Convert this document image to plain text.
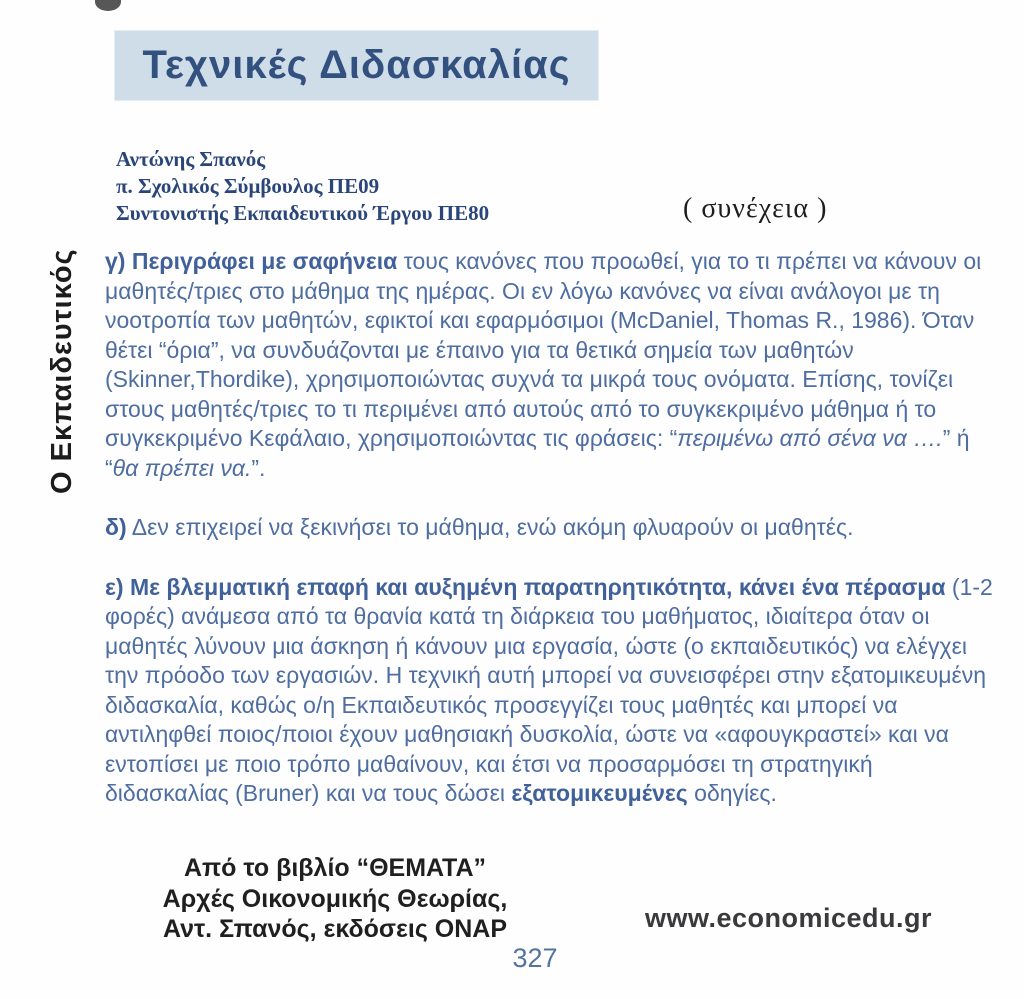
Τεχνικές Διδασκαλίας
Αντώνης Σπανός
π. Σχολικός Σύμβουλος ΠΕ09
Συντονιστής Εκπαιδευτικού Έργου ΠΕ80	( συνέχεια )
Ο Εκπαιδευτικός	γ) Περιγράφει με σαφήνεια τους κανόνες που προωθεί, για το τι πρέπει να κάνουν οι μαθητές/τριες στο μάθημα της ημέρας. Οι εν λόγω κανόνες να είναι ανάλογοι με τη νοοτροπία των μαθητών, εφικτοί και εφαρμόσιμοι (McDaniel, Thomas R., 1986). Όταν θέτει “όρια”, να συνδυάζονται με έπαινο για τα θετικά σημεία των μαθητών (Skinner,Thordike), χρησιμοποιώντας συχνά τα μικρά τους ονόματα. Επίσης, τονίζει στους μαθητές/τριες το τι περιμένει από αυτούς από το συγκεκριμένο μάθημα ή το συγκεκριμένο Κεφάλαιο, χρησιμοποιώντας τις φράσεις: “περιμένω από σένα να ….” ή “θα πρέπει να.”.

δ) Δεν επιχειρεί να ξεκινήσει το μάθημα, ενώ ακόμη φλυαρούν οι μαθητές.

ε) Με βλεμματική επαφή και αυξημένη παρατηρητικότητα, κάνει ένα πέρασμα (1-2 φορές) ανάμεσα από τα θρανία κατά τη διάρκεια του μαθήματος, ιδιαίτερα όταν οι μαθητές λύνουν μια άσκηση ή κάνουν μια εργασία, ώστε (ο εκπαιδευτικός) να ελέγχει την πρόοδο των εργασιών. Η τεχνική αυτή μπορεί να συνεισφέρει στην εξατομικευμένη διδασκαλία, καθώς ο/η Εκπαιδευτικός προσεγγίζει τους μαθητές και μπορεί να αντιληφθεί ποιος/ποιοι έχουν μαθησιακή δυσκολία, ώστε να «αφουγκραστεί» και να εντοπίσει με ποιο τρόπο μαθαίνουν, και έτσι να προσαρμόσει τη στρατηγική διδασκαλίας (Bruner) και να τους δώσει εξατομικευμένες οδηγίες.

Από το βιβλίο “ΘΕΜΑΤΑ”
Αρχές Οικονομικής Θεωρίας,
Αντ. Σπανός, εκδόσεις ΟΝΑΡ	www.economicedu.gr
327
